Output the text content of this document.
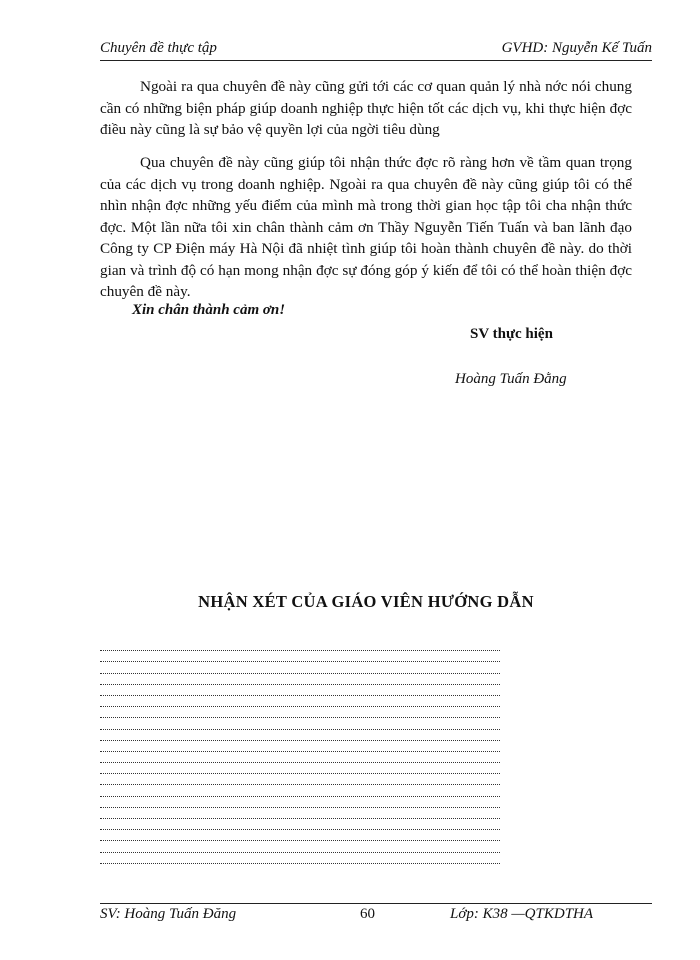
Chuyên đề thực tập	GVHD: Nguyễn Kế Tuấn
Ngoài ra qua chuyên đề này cũng gửi tới các cơ quan quản lý nhà nớc nói chung cần có những biện pháp giúp doanh nghiệp thực hiện tốt các dịch vụ, khi thực hiện đợc điều này cũng là sự bảo vệ quyền lợi của ngời tiêu dùng
Qua chuyên đề này cũng giúp tôi nhận thức đợc rõ ràng hơn về tầm quan trọng của các dịch vụ trong doanh nghiệp. Ngoài ra qua chuyên đề này cũng giúp tôi có thể nhìn nhận đợc những yếu điểm của mình mà trong thời gian học tập tôi cha nhận thức đợc. Một lần nữa tôi xin chân thành cảm ơn Thầy Nguyễn Tiến Tuấn và ban lãnh đạo Công ty CP Điện máy Hà Nội đã nhiệt tình giúp tôi hoàn thành chuyên đề này. do thời gian và trình độ có hạn mong nhận đợc sự đóng góp ý kiến để tôi có thể hoàn thiện đợc chuyên đề này.
Xin chân thành cảm ơn!
SV thực hiện
Hoàng Tuấn Đằng
NHẬN XÉT CỦA GIÁO VIÊN HƯỚNG DẪN
SV: Hoàng Tuấn Đăng	60	Lớp: K38 —QTKDTHA
